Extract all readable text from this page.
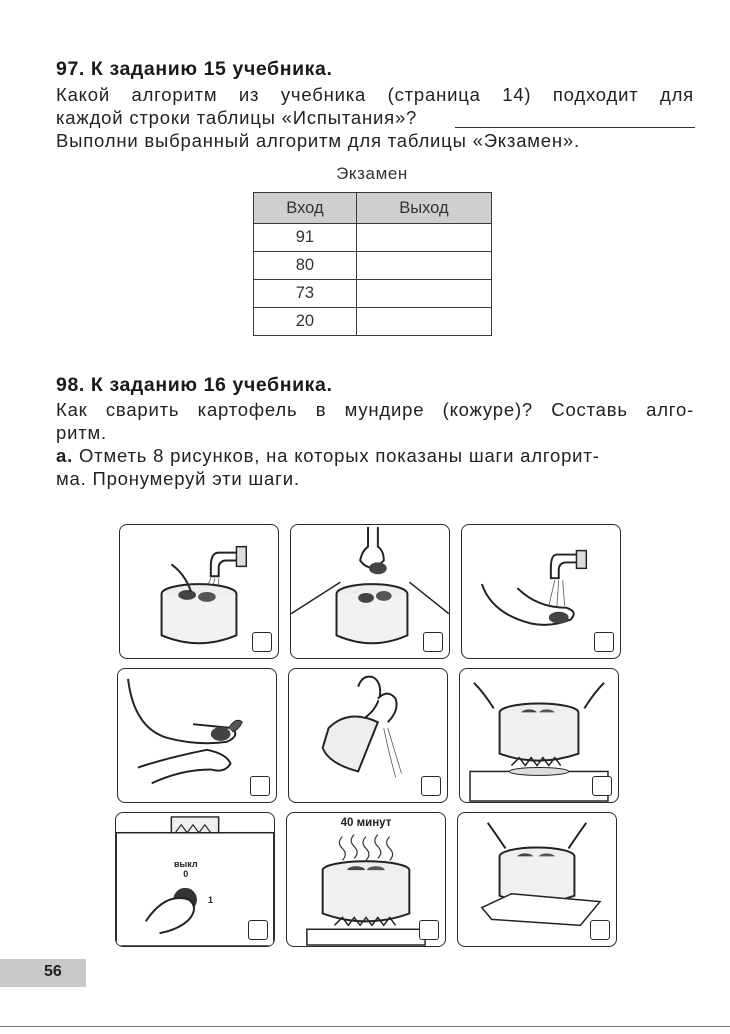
97. К заданию 15 учебника.
Какой алгоритм из учебника (страница 14) подходит для
каждой строки таблицы «Испытания»?
Выполни выбранный алгоритм для таблицы «Экзамен».
Экзамен
Вход	Выход
91	
80	
73	
20	
98. К заданию 16 учебника.
Как сварить картофель в мундире (кожуре)? Составь алго-
ритм.
а. Отметь 8 рисунков, на которых показаны шаги алгорит-
ма. Пронумеруй эти шаги.
выкл
0
1
40 минут
56
